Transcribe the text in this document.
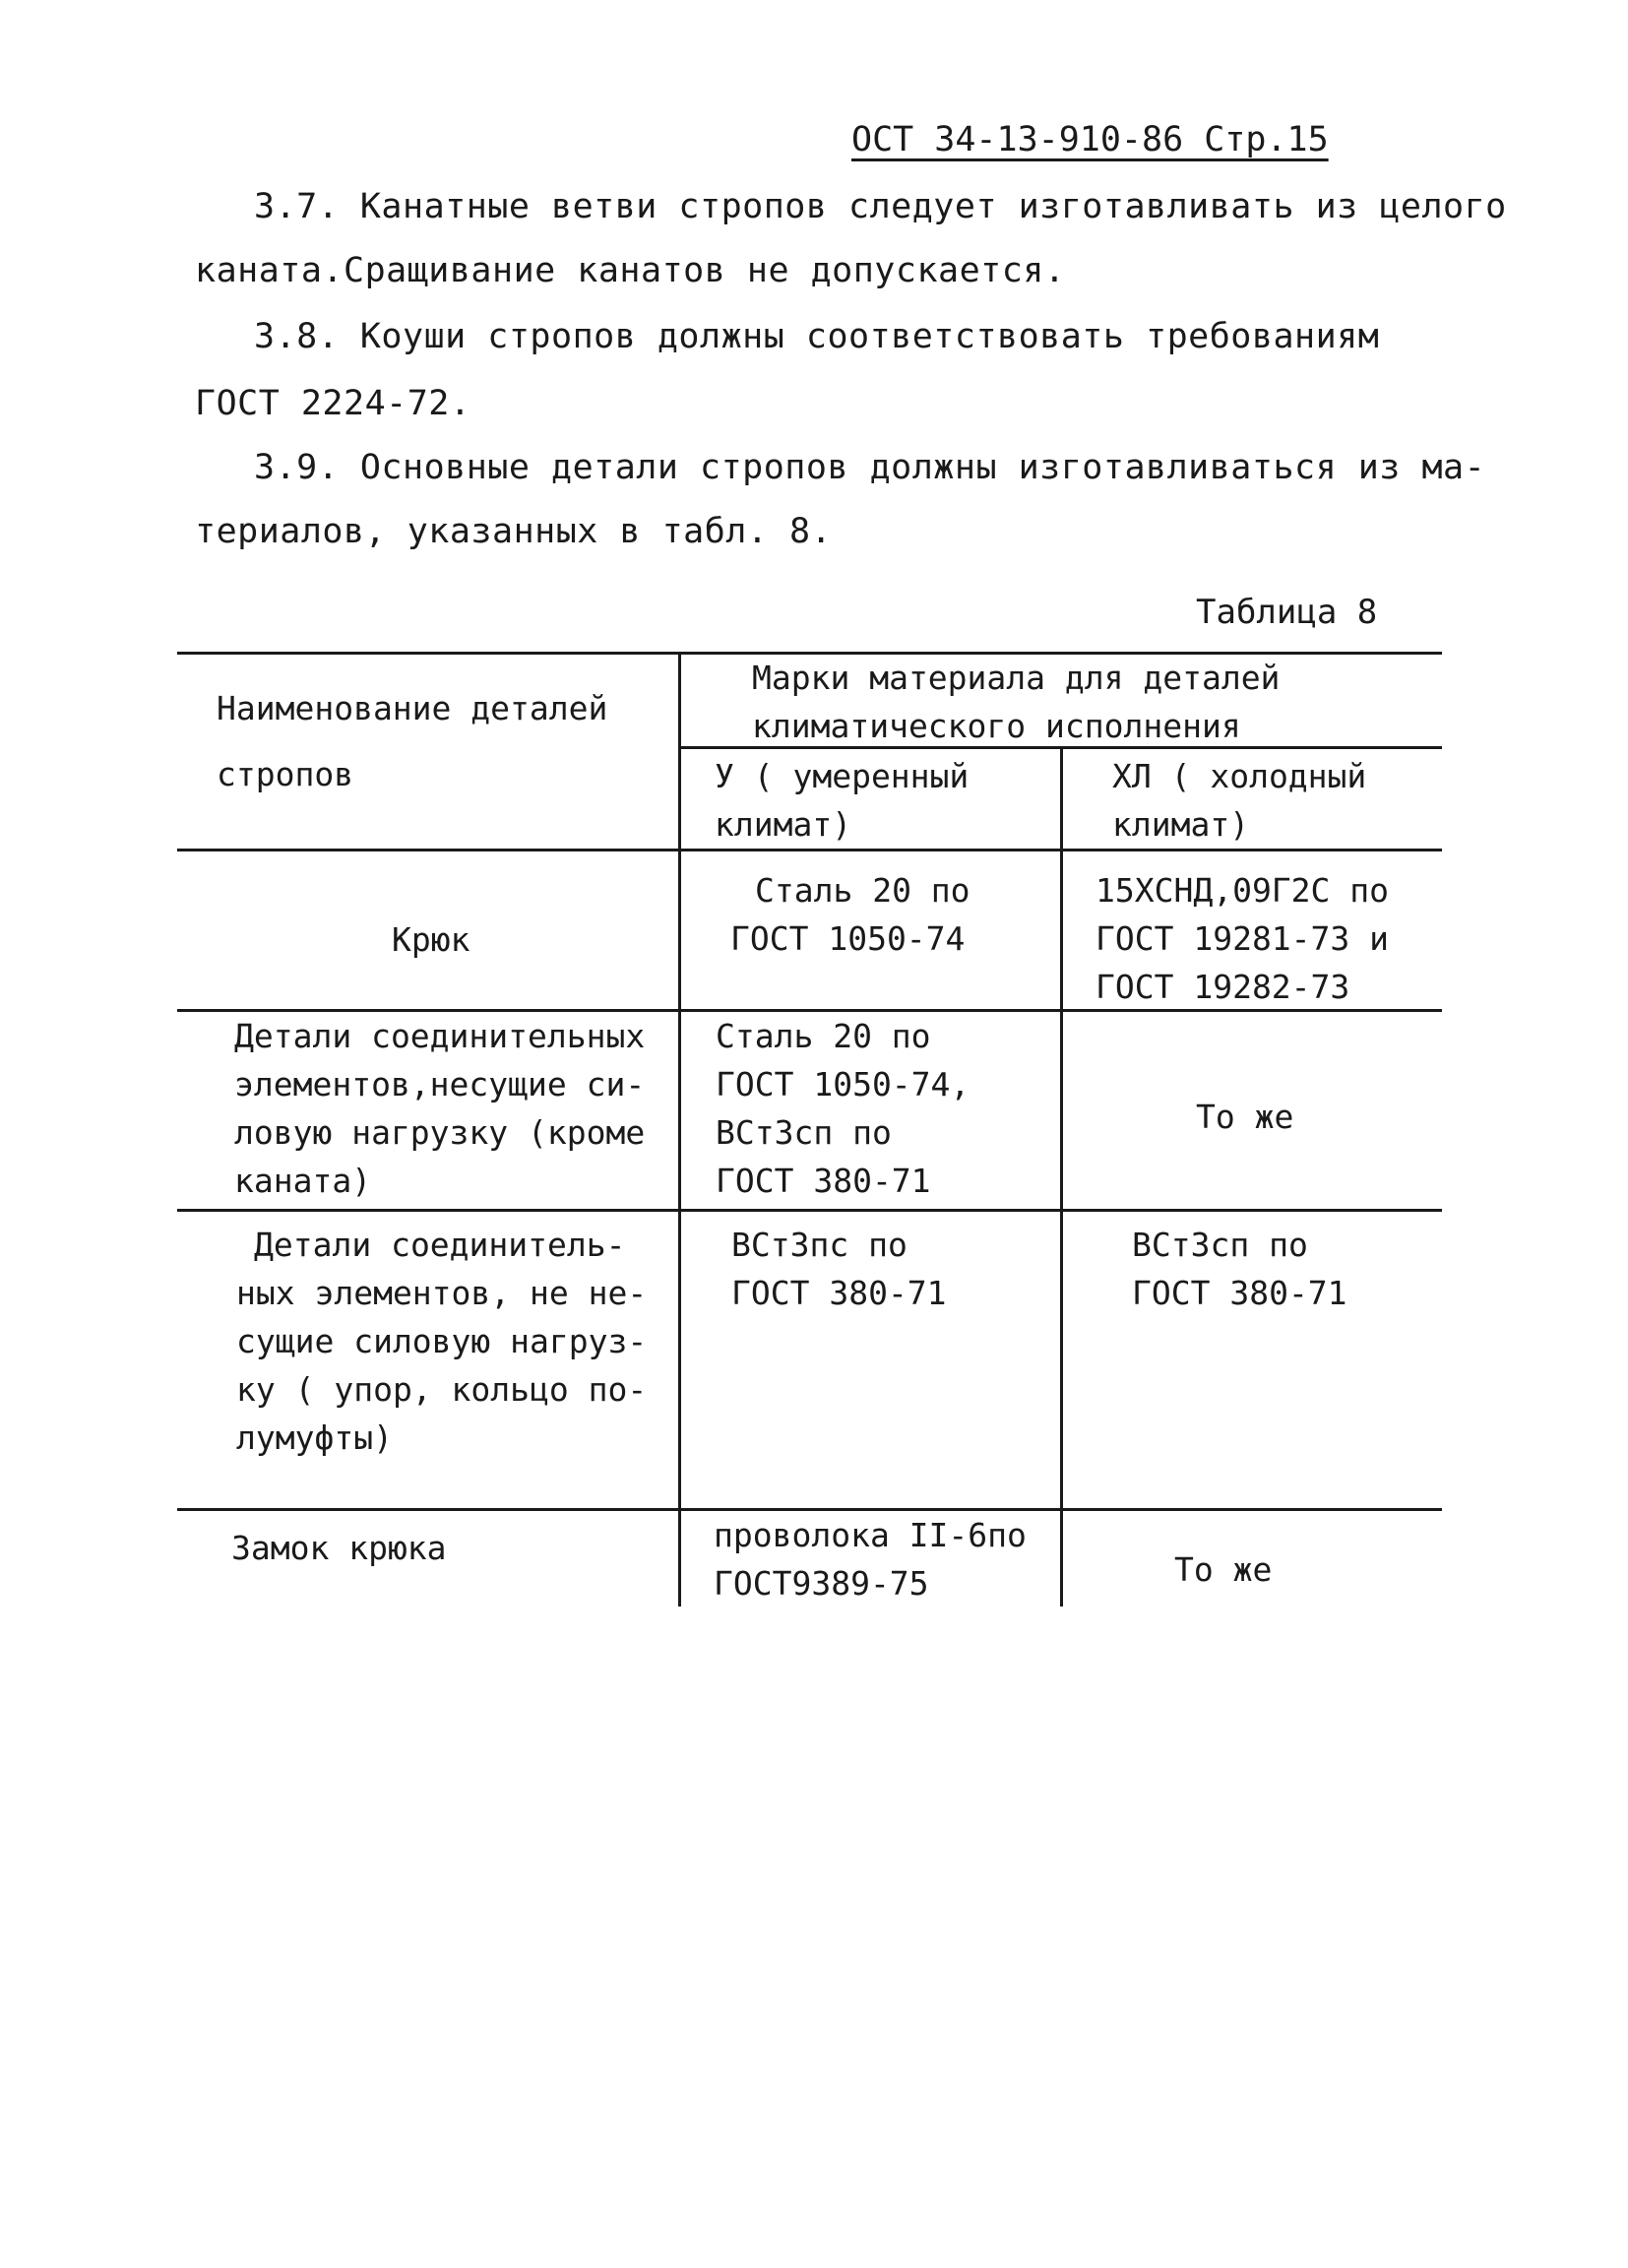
ОСТ 34-13-910-86 Стр.15
3.7. Канатные ветви стропов следует изготавливать из целого
каната.Сращивание канатов не допускается.
3.8. Коуши стропов должны соответствовать требованиям
ГОСТ 2224-72.
3.9. Основные детали стропов должны изготавливаться из ма-
териалов, указанных в табл. 8.
Таблица 8
Наименование деталей
стропов
Марки материала для деталей
климатического исполнения
У ( умеренный
климат)
ХЛ ( холодный
климат)
Крюк
Сталь 20 по
ГОСТ 1050-74
15ХСНД,09Г2С по
ГОСТ 19281-73 и
ГОСТ 19282-73
Детали соединительных
элементов,несущие си-
ловую нагрузку (кроме
каната)
Сталь 20 по
ГОСТ 1050-74,
ВСт3сп по
ГОСТ 380-71
То же
Детали соединитель-
ных элементов, не не-
сущие силовую нагруз-
ку ( упор, кольцо по-
лумуфты)
ВСт3пс по
ГОСТ 380-71
ВСт3сп по
ГОСТ 380-71
Замок крюка	проволока II-6по
ГОСТ9389-75	То же
